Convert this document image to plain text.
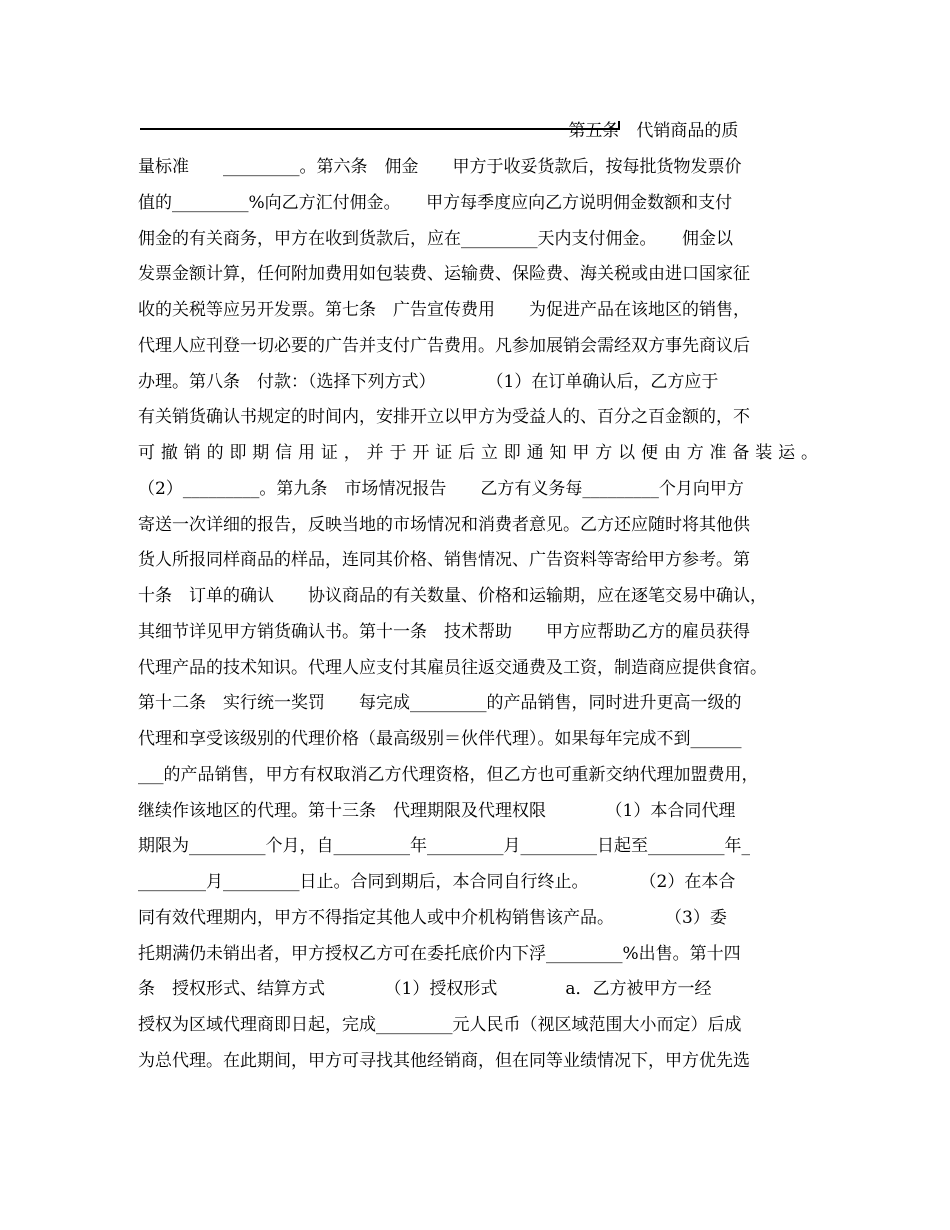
　　　　　　　　　　　　　　　　　　　　　　　　　 第五条　代销商品的质
量标准　　_________。第六条　佣金　　甲方于收妥货款后，按每批货物发票价
值的_________%向乙方汇付佣金。　　甲方每季度应向乙方说明佣金数额和支付
佣金的有关商务，甲方在收到货款后，应在_________天内支付佣金。　　佣金以
发票金额计算，任何附加费用如包装费、运输费、保险费、海关税或由进口国家征
收的关税等应另开发票。第七条　广告宣传费用　　为促进产品在该地区的销售，
代理人应刊登一切必要的广告并支付广告费用。凡参加展销会需经双方事先商议后
办理。第八条　付款：（选择下列方式）　　　　（1）在订单确认后，乙方应于
有关销货确认书规定的时间内，安排开立以甲方为受益人的、百分之百金额的，不
可撤销的即期信用证，并于开证后立即通知甲方以便由方准备装运。
（2）_________。第九条　市场情况报告　　乙方有义务每_________个月向甲方
寄送一次详细的报告，反映当地的市场情况和消费者意见。乙方还应随时将其他供
货人所报同样商品的样品，连同其价格、销售情况、广告资料等寄给甲方参考。第
十条　订单的确认　　协议商品的有关数量、价格和运输期，应在逐笔交易中确认，
其细节详见甲方销货确认书。第十一条　技术帮助　　甲方应帮助乙方的雇员获得
代理产品的技术知识。代理人应支付其雇员往返交通费及工资，制造商应提供食宿。
第十二条　实行统一奖罚　　每完成_________的产品销售，同时进升更高一级的
代理和享受该级别的代理价格（最高级别＝伙伴代理）。如果每年完成不到______
___的产品销售，甲方有权取消乙方代理资格，但乙方也可重新交纳代理加盟费用，
继续作该地区的代理。第十三条　代理期限及代理权限　　　　（1）本合同代理
期限为_________个月，自_________年_________月_________日起至_________年_
________月_________日止。合同到期后，本合同自行终止。　　　　（2）在本合
同有效代理期内，甲方不得指定其他人或中介机构销售该产品。　　　　（3）委
托期满仍未销出者，甲方授权乙方可在委托底价内下浮_________%出售。第十四
条　授权形式、结算方式　　　　（1）授权形式　　　　a．乙方被甲方一经
授权为区域代理商即日起，完成_________元人民币（视区域范围大小而定）后成
为总代理。在此期间，甲方可寻找其他经销商，但在同等业绩情况下，甲方优先选
